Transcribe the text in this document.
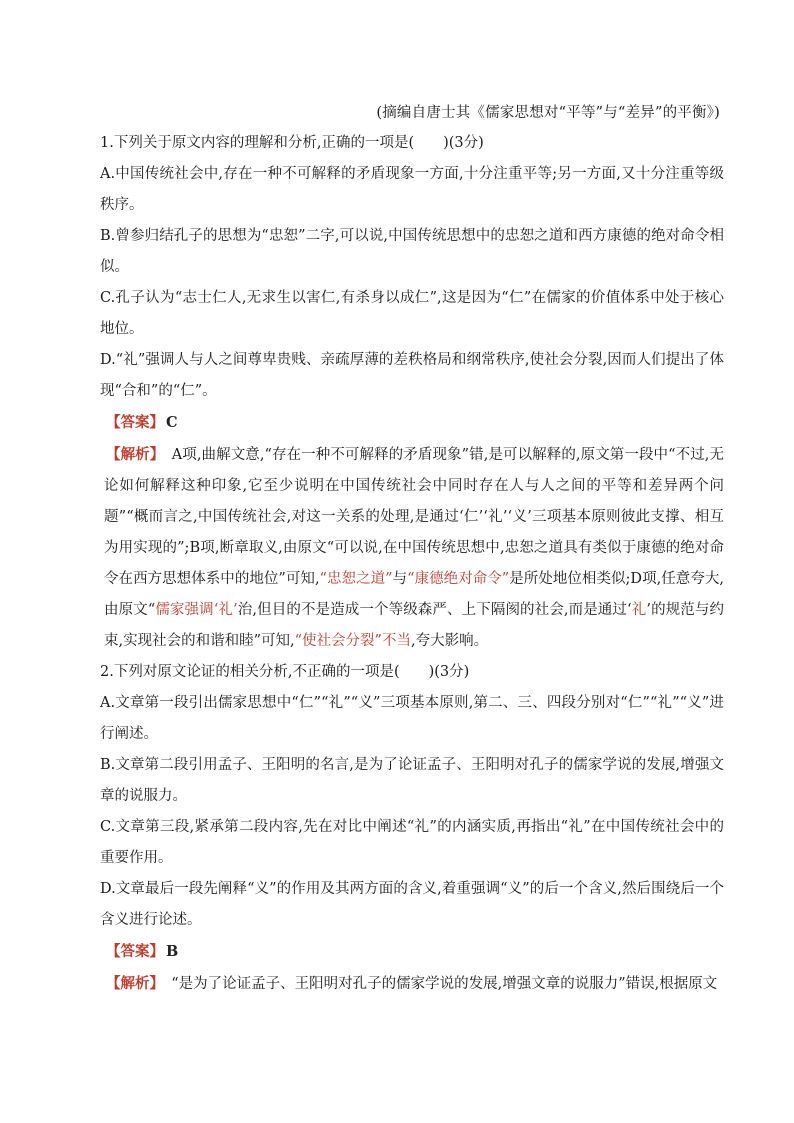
(摘编自唐士其《儒家思想对“平等”与“差异”的平衡》)

1.下列关于原文内容的理解和分析,正确的一项是(　　)(3分)

A.中国传统社会中,存在一种不可解释的矛盾现象一方面,十分注重平等;另一方面,又十分注重等级秩序。

B.曾参归结孔子的思想为“忠恕”二字,可以说,中国传统思想中的忠恕之道和西方康德的绝对命令相似。

C.孔子认为“志士仁人,无求生以害仁,有杀身以成仁”,这是因为“仁”在儒家的价值体系中处于核心地位。

D.“礼”强调人与人之间尊卑贵贱、亲疏厚薄的差秩格局和纲常秩序,使社会分裂,因而人们提出了体现“合和”的“仁”。

【答案】 C

【解析】　A项,曲解文意,“存在一种不可解释的矛盾现象”错,是可以解释的,原文第一段中“不过,无论如何解释这种印象,它至少说明在中国传统社会中同时存在人与人之间的平等和差异两个问题”“概而言之,中国传统社会,对这一关系的处理,是通过‘仁’‘礼’‘义’三项基本原则彼此支撑、相互为用实现的”;B项,断章取义,由原文“可以说,在中国传统思想中,忠恕之道具有类似于康德的绝对命令在西方思想体系中的地位”可知,“忠恕之道”与“康德绝对命令”是所处地位相类似;D项,任意夸大,由原文“儒家强调‘礼’治,但目的不是造成一个等级森严、上下隔阂的社会,而是通过‘礼’的规范与约束,实现社会的和谐和睦”可知,“使社会分裂”不当,夸大影响。

2.下列对原文论证的相关分析,不正确的一项是(　　)(3分)

A.文章第一段引出儒家思想中“仁”“礼”“义”三项基本原则,第二、三、四段分别对“仁”“礼”“义”进行阐述。

B.文章第二段引用孟子、王阳明的名言,是为了论证孟子、王阳明对孔子的儒家学说的发展,增强文章的说服力。

C.文章第三段,紧承第二段内容,先在对比中阐述“礼”的内涵实质,再指出“礼”在中国传统社会中的重要作用。

D.文章最后一段先阐释“义”的作用及其两方面的含义,着重强调“义”的后一个含义,然后围绕后一个含义进行论述。

【答案】 B

【解析】　“是为了论证孟子、王阳明对孔子的儒家学说的发展,增强文章的说服力”错误,根据原文
